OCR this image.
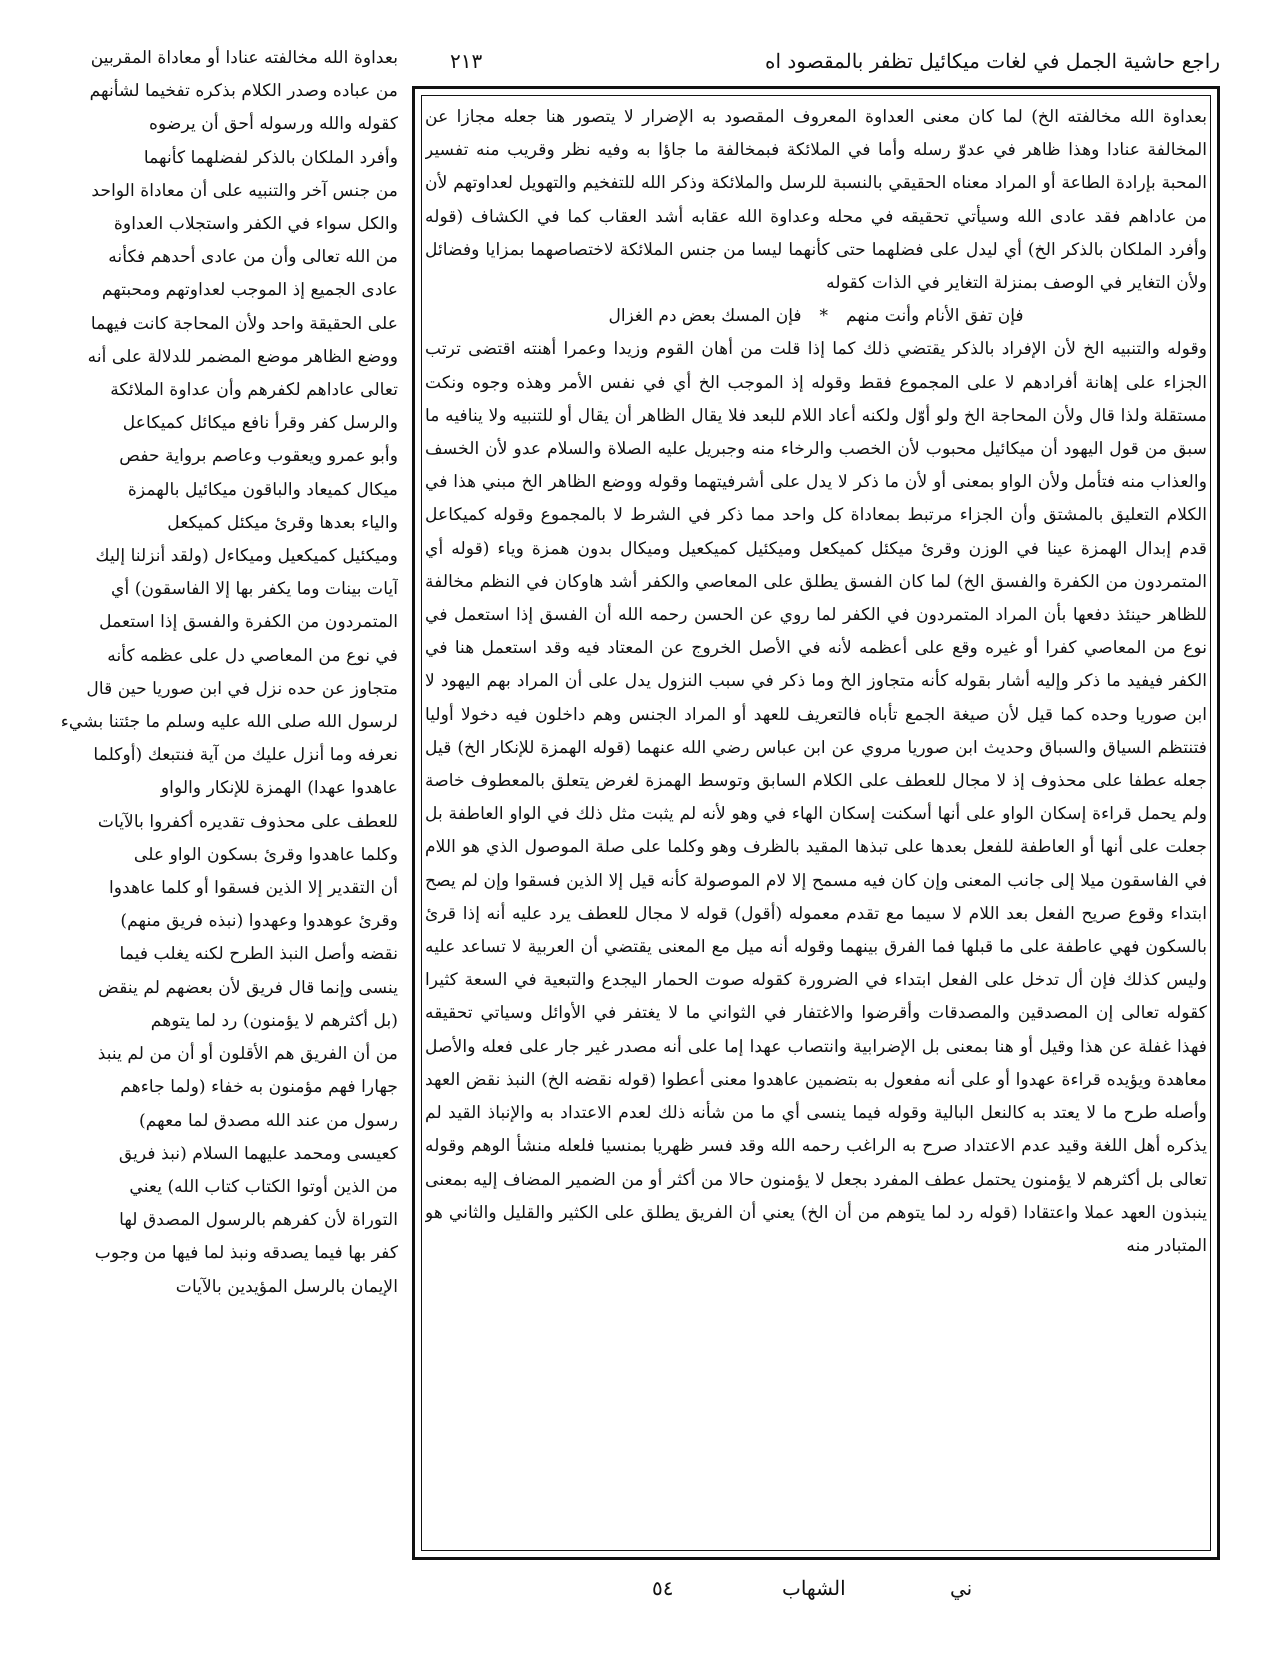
راجع حاشية الجمل في لغات ميكائيل تظفر بالمقصود اه
٢١٣

بعداوة الله مخالفته عنادا أو معاداة المقربين

من عباده وصدر الكلام بذكره تفخيما لشأنهم

كقوله والله ورسوله أحق أن يرضوه

وأفرد الملكان بالذكر لفضلهما كأنهما

من جنس آخر والتنبيه على أن معاداة الواحد

والكل سواء في الكفر واستجلاب العداوة

من الله تعالى وأن من عادى أحدهم فكأنه

عادى الجميع إذ الموجب لعداوتهم ومحبتهم

على الحقيقة واحد ولأن المحاجة كانت فيهما

ووضع الظاهر موضع المضمر للدلالة على أنه

تعالى عاداهم لكفرهم وأن عداوة الملائكة

والرسل كفر وقرأ نافع ميكائل كميكاعل

وأبو عمرو ويعقوب وعاصم برواية حفص

ميكال كميعاد والباقون ميكائيل بالهمزة

والياء بعدها وقرئ ميكئل كميكعل

وميكئيل كميكعيل وميكاءل (ولقد أنزلنا إليك

آيات بينات وما يكفر بها إلا الفاسقون) أي

المتمردون من الكفرة والفسق إذا استعمل

في نوع من المعاصي دل على عظمه كأنه

متجاوز عن حده نزل في ابن صوريا حين قال

لرسول الله صلى الله عليه وسلم ما جئتنا بشيء

نعرفه وما أنزل عليك من آية فنتبعك (أوكلما

عاهدوا عهدا) الهمزة للإنكار والواو

للعطف على محذوف تقديره أكفروا بالآيات

وكلما عاهدوا وقرئ بسكون الواو على

أن التقدير إلا الذين فسقوا أو كلما عاهدوا

وقرئ عوهدوا وعهدوا (نبذه فريق منهم)

نقضه وأصل النبذ الطرح لكنه يغلب فيما

ينسى وإنما قال فريق لأن بعضهم لم ينقض

(بل أكثرهم لا يؤمنون) رد لما يتوهم

من أن الفريق هم الأقلون أو أن من لم ينبذ

جهارا فهم مؤمنون به خفاء (ولما جاءهم

رسول من عند الله مصدق لما معهم)

كعيسى ومحمد عليهما السلام (نبذ فريق

من الذين أوتوا الكتاب كتاب الله) يعني

التوراة لأن كفرهم بالرسول المصدق لها

كفر بها فيما يصدقه ونبذ لما فيها من وجوب

الإيمان بالرسل المؤيدين بالآيات

بعداوة الله مخالفته الخ) لما كان معنى العداوة المعروف المقصود به الإضرار لا يتصور هنا جعله مجازا عن المخالفة عنادا وهذا ظاهر في عدوّ رسله وأما في الملائكة فبمخالفة ما جاؤا به وفيه نظر وقريب منه تفسير المحبة بإرادة الطاعة أو المراد معناه الحقيقي بالنسبة للرسل والملائكة وذكر الله للتفخيم والتهويل لعداوتهم لأن من عاداهم فقد عادى الله وسيأتي تحقيقه في محله وعداوة الله عقابه أشد العقاب كما في الكشاف (قوله وأفرد الملكان بالذكر الخ) أي ليدل على فضلهما حتى كأنهما ليسا من جنس الملائكة لاختصاصهما بمزايا وفضائل ولأن التغاير في الوصف بمنزلة التغاير في الذات كقوله

فإن تفق الأنام وأنت منهم*فإن المسك بعض دم الغزال

وقوله والتنبيه الخ لأن الإفراد بالذكر يقتضي ذلك كما إذا قلت من أهان القوم وزيدا وعمرا أهنته اقتضى ترتب الجزاء على إهانة أفرادهم لا على المجموع فقط وقوله إذ الموجب الخ أي في نفس الأمر وهذه وجوه ونكت مستقلة ولذا قال ولأن المحاجة الخ ولو أوّل ولكنه أعاد اللام للبعد فلا يقال الظاهر أن يقال أو للتنبيه ولا ينافيه ما سبق من قول اليهود أن ميكائيل محبوب لأن الخصب والرخاء منه وجبريل عليه الصلاة والسلام عدو لأن الخسف والعذاب منه فتأمل ولأن الواو بمعنى أو لأن ما ذكر لا يدل على أشرفيتهما وقوله ووضع الظاهر الخ مبني هذا في الكلام التعليق بالمشتق وأن الجزاء مرتبط بمعاداة كل واحد مما ذكر في الشرط لا بالمجموع وقوله كميكاعل قدم إبدال الهمزة عينا في الوزن وقرئ ميكئل كميكعل وميكئيل كميكعيل وميكال بدون همزة وياء (قوله أي المتمردون من الكفرة والفسق الخ) لما كان الفسق يطلق على المعاصي والكفر أشد هاوكان في النظم مخالفة للظاهر حينئذ دفعها بأن المراد المتمردون في الكفر لما روي عن الحسن رحمه الله أن الفسق إذا استعمل في نوع من المعاصي كفرا أو غيره وقع على أعظمه لأنه في الأصل الخروج عن المعتاد فيه وقد استعمل هنا في الكفر فيفيد ما ذكر وإليه أشار بقوله كأنه متجاوز الخ وما ذكر في سبب النزول يدل على أن المراد بهم اليهود لا ابن صوريا وحده كما قيل لأن صيغة الجمع تأباه فالتعريف للعهد أو المراد الجنس وهم داخلون فيه دخولا أوليا فتنتظم السياق والسباق وحديث ابن صوريا مروي عن ابن عباس رضي الله عنهما (قوله الهمزة للإنكار الخ) قيل جعله عطفا على محذوف إذ لا مجال للعطف على الكلام السابق وتوسط الهمزة لغرض يتعلق بالمعطوف خاصة ولم يحمل قراءة إسكان الواو على أنها أسكنت إسكان الهاء في وهو لأنه لم يثبت مثل ذلك في الواو العاطفة بل جعلت على أنها أو العاطفة للفعل بعدها على تبذها المقيد بالظرف وهو وكلما على صلة الموصول الذي هو اللام في الفاسقون ميلا إلى جانب المعنى وإن كان فيه مسمح إلا لام الموصولة كأنه قيل إلا الذين فسقوا وإن لم يصح ابتداء وقوع صريح الفعل بعد اللام لا سيما مع تقدم معموله (أقول) قوله لا مجال للعطف يرد عليه أنه إذا قرئ بالسكون فهي عاطفة على ما قبلها فما الفرق بينهما وقوله أنه ميل مع المعنى يقتضي أن العربية لا تساعد عليه وليس كذلك فإن أل تدخل على الفعل ابتداء في الضرورة كقوله صوت الحمار اليجدع والتبعية في السعة كثيرا كقوله تعالى إن المصدقين والمصدقات وأقرضوا والاغتفار في الثواني ما لا يغتفر في الأوائل وسياتي تحقيقه فهذا غفلة عن هذا وقيل أو هنا بمعنى بل الإضرابية وانتصاب عهدا إما على أنه مصدر غير جار على فعله والأصل معاهدة ويؤيده قراءة عهدوا أو على أنه مفعول به بتضمين عاهدوا معنى أعطوا (قوله نقضه الخ) النبذ نقض العهد وأصله طرح ما لا يعتد به كالنعل البالية وقوله فيما ينسى أي ما من شأنه ذلك لعدم الاعتداد به والإنباذ القيد لم يذكره أهل اللغة وقيد عدم الاعتداد صرح به الراغب رحمه الله وقد فسر ظهريا بمنسيا فلعله منشأ الوهم وقوله تعالى بل أكثرهم لا يؤمنون يحتمل عطف المفرد بجعل لا يؤمنون حالا من أكثر أو من الضمير المضاف إليه بمعنى ينبذون العهد عملا واعتقادا (قوله رد لما يتوهم من أن الخ) يعني أن الفريق يطلق على الكثير والقليل والثاني هو المتبادر منه

٥٤	الشهاب	ني
